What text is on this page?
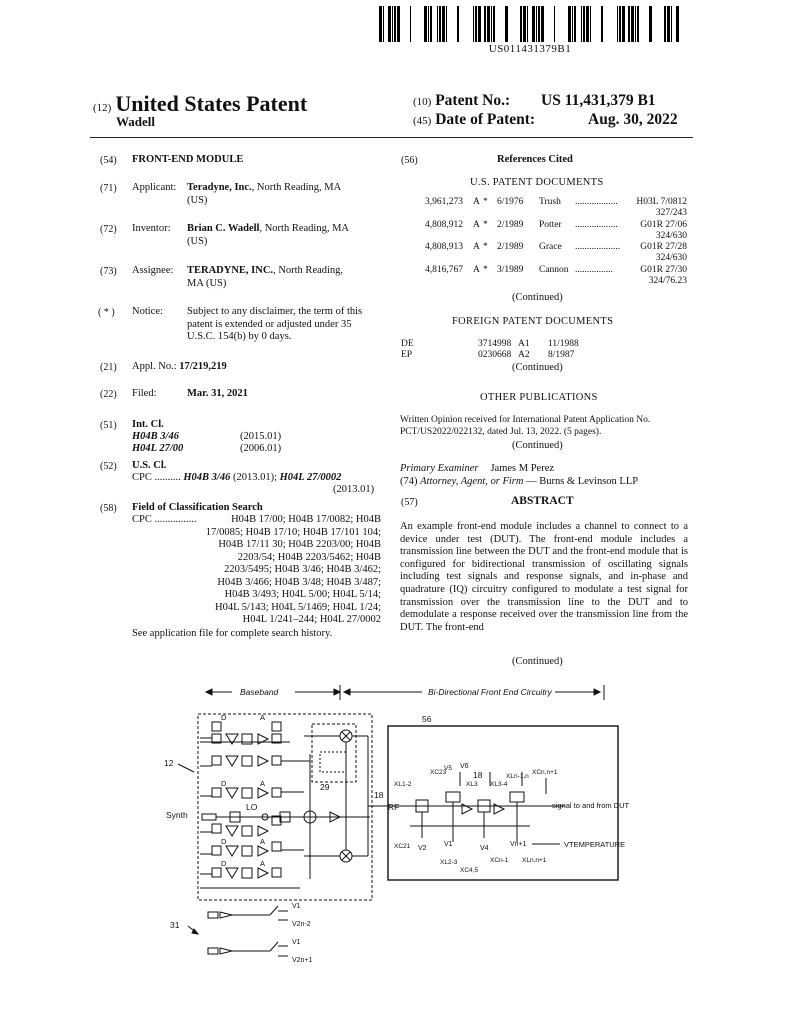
US011431379B1
(12) United States Patent
Wadell
(10) Patent No.: US 11,431,379 B1
(45) Date of Patent:	Aug. 30, 2022
(54) FRONT-END MODULE
(71) Applicant: Teradyne, Inc., North Reading, MA
(US)
(72) Inventor: Brian C. Wadell, North Reading, MA
(US)
(73) Assignee: TERADYNE, INC., North Reading,
MA (US)
( * ) Notice: Subject to any disclaimer, the term of this
patent is extended or adjusted under 35
U.S.C. 154(b) by 0 days.
(21) Appl. No.: 17/219,219
(22) Filed:	Mar. 31, 2021
(51) Int. Cl.
H04B 3/46	(2015.01)
H04L 27/00	(2006.01)
(52) U.S. Cl.
CPC .......... H04B 3/46 (2013.01); H04L 27/0002
(2013.01)
(58) Field of Classification Search
CPC ................	H04B 17/00; H04B 17/0082; H04B
17/0085; H04B 17/10; H04B 17/101 104;
H04B 17/11 30; H04B 2203/00; H04B
2203/54; H04B 2203/5462; H04B
2203/5495; H04B 3/46; H04B 3/462;
H04B 3/466; H04B 3/48; H04B 3/487;
H04B 3/493; H04L 5/00; H04L 5/14;
H04L 5/143; H04L 5/1469; H04L 1/24;
H04L 1/241–244; H04L 27/0002
See application file for complete search history.
(56)	References Cited
U.S. PATENT DOCUMENTS
3,961,273 A * 6/1976 Trush	H03L 7/0812
..................
327/243
4,808,912 A * 2/1989 Potter	G01R 27/06
..................
324/630
4,808,913 A * 2/1989 Grace	G01R 27/28
...................
324/630
4,816,767 A * 3/1989 Cannon	G01R 27/30
................
324/76.23
(Continued)
FOREIGN PATENT DOCUMENTS
DE	3714998 A1 11/1988
EP	0230668 A2 8/1987
(Continued)
OTHER PUBLICATIONS
Written Opinion received for International Patent Application No.
PCT/US2022/022132, dated Jul. 13, 2022. (5 pages).
(Continued)
Primary Examiner James M Perez
(74) Attorney, Agent, or Firm — Burns & Levinson LLP
(57)	ABSTRACT
An example front-end module includes a channel to connect to a device under test (DUT). The front-end module includes a transmission line between the DUT and the front-end module that is configured for bidirectional transmission of oscillating signals including test signals and response signals, and in-phase and quadrature (IQ) circuitry configured to modulate a test signal for transmission over the transmission line to the DUT and to demodulate a response received over the transmission line from the DUT. The front-end
(Continued)
Baseband	Bi-Directional Front End Circuitry
56
12
29
18
18
31
Synth
LO	RF	signal to and from DUT
VTEMPERATURE
D	A
D	A
D	A
D	A
V1
V2	V4
V6
Vn+1
V1
V2n-2
V1
V2n+1
XL1-2
XC23
XL3-4
XLn-1,n
XCn,n+1
XC21
XL2-3
XC4,5
XCn-1 XLn,n+1
XL3
V5
